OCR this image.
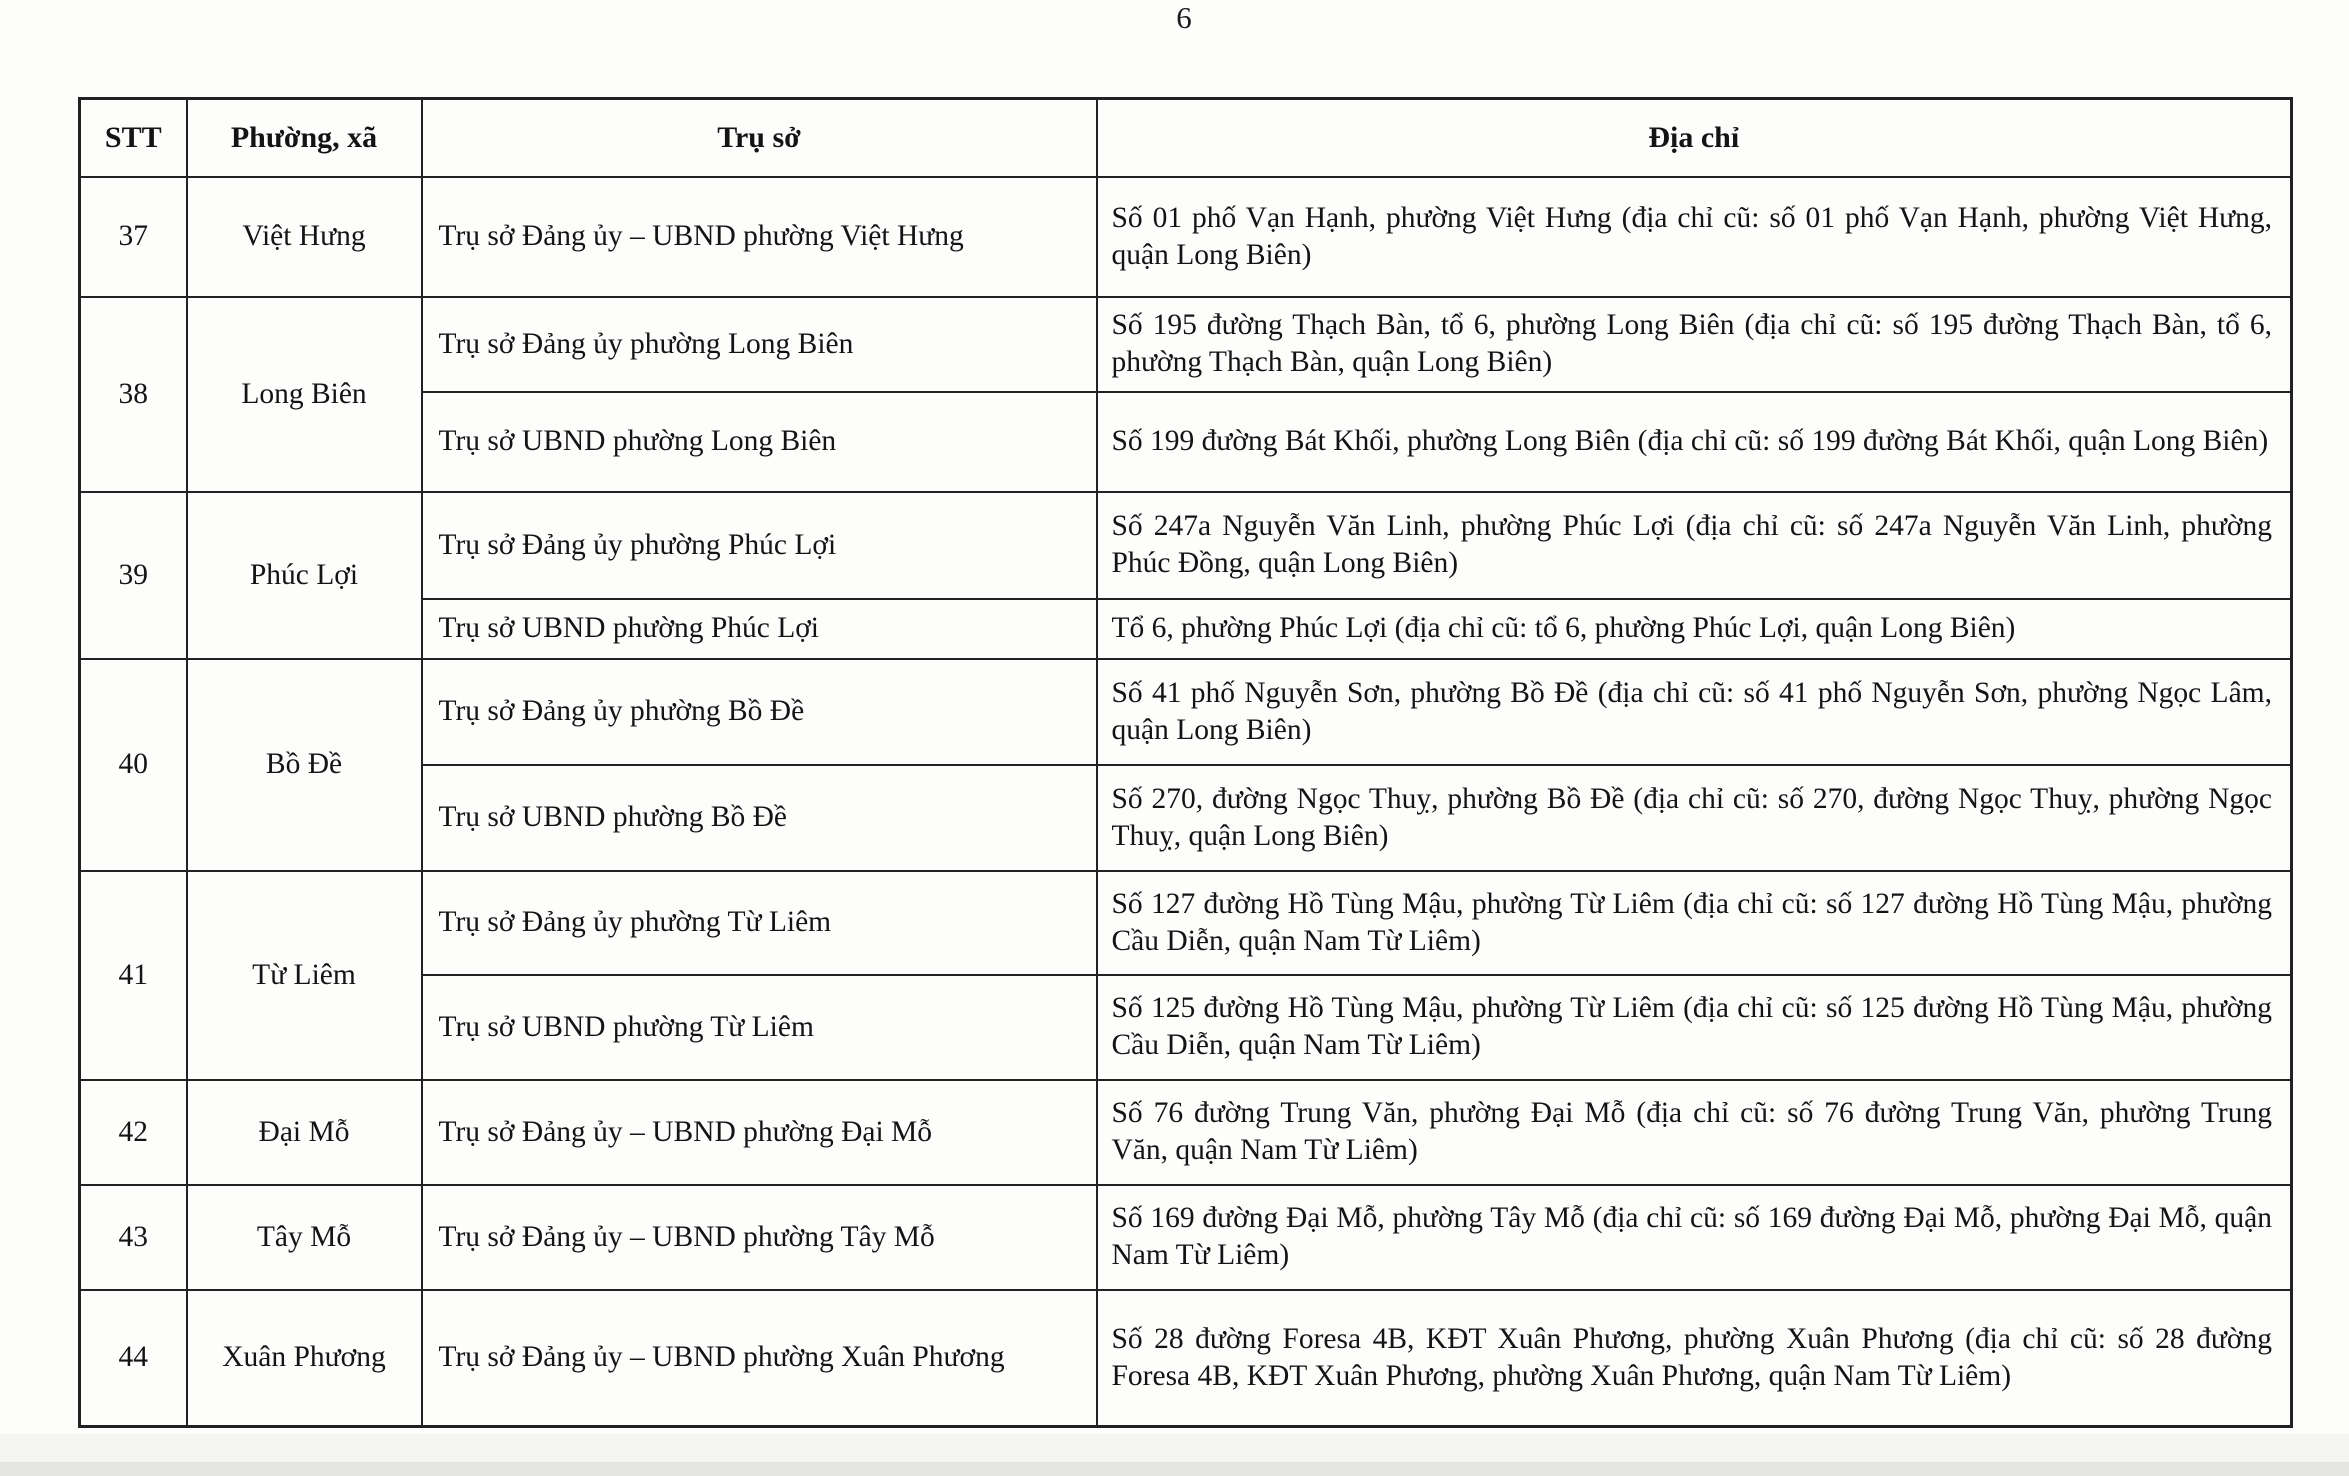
6
STT	Phường, xã	Trụ sở	Địa chỉ
37	Việt Hưng	Trụ sở Đảng ủy – UBND phường Việt Hưng	Số 01 phố Vạn Hạnh, phường Việt Hưng (địa chỉ cũ: số 01 phố Vạn Hạnh, phường Việt Hưng, quận Long Biên)
38	Long Biên	Trụ sở Đảng ủy phường Long Biên	Số 195 đường Thạch Bàn, tổ 6, phường Long Biên (địa chỉ cũ: số 195 đường Thạch Bàn, tổ 6, phường Thạch Bàn, quận Long Biên)
		Trụ sở UBND phường Long Biên	Số 199 đường Bát Khối, phường Long Biên (địa chỉ cũ: số 199 đường Bát Khối, quận Long Biên)
39	Phúc Lợi	Trụ sở Đảng ủy phường Phúc Lợi	Số 247a Nguyễn Văn Linh, phường Phúc Lợi (địa chỉ cũ: số 247a Nguyễn Văn Linh, phường Phúc Đồng, quận Long Biên)
		Trụ sở UBND phường Phúc Lợi	Tổ 6, phường Phúc Lợi (địa chỉ cũ: tổ 6, phường Phúc Lợi, quận Long Biên)
40	Bồ Đề	Trụ sở Đảng ủy phường Bồ Đề	Số 41 phố Nguyễn Sơn, phường Bồ Đề (địa chỉ cũ: số 41 phố Nguyễn Sơn, phường Ngọc Lâm, quận Long Biên)
		Trụ sở UBND phường Bồ Đề	Số 270, đường Ngọc Thuỵ, phường Bồ Đề (địa chỉ cũ: số 270, đường Ngọc Thuỵ, phường Ngọc Thuỵ, quận Long Biên)
41	Từ Liêm	Trụ sở Đảng ủy phường Từ Liêm	Số 127 đường Hồ Tùng Mậu, phường Từ Liêm (địa chỉ cũ: số 127 đường Hồ Tùng Mậu, phường Cầu Diễn, quận Nam Từ Liêm)
		Trụ sở UBND phường Từ Liêm	Số 125 đường Hồ Tùng Mậu, phường Từ Liêm (địa chỉ cũ: số 125 đường Hồ Tùng Mậu, phường Cầu Diễn, quận Nam Từ Liêm)
42	Đại Mỗ	Trụ sở Đảng ủy – UBND phường Đại Mỗ	Số 76 đường Trung Văn, phường Đại Mỗ (địa chỉ cũ: số 76 đường Trung Văn, phường Trung Văn, quận Nam Từ Liêm)
43	Tây Mỗ	Trụ sở Đảng ủy – UBND phường Tây Mỗ	Số 169 đường Đại Mỗ, phường Tây Mỗ (địa chỉ cũ: số 169 đường Đại Mỗ, phường Đại Mỗ, quận Nam Từ Liêm)
44	Xuân Phương	Trụ sở Đảng ủy – UBND phường Xuân Phương	Số 28 đường Foresa 4B, KĐT Xuân Phương, phường Xuân Phương (địa chỉ cũ: số 28 đường Foresa 4B, KĐT Xuân Phương, phường Xuân Phương, quận Nam Từ Liêm)
